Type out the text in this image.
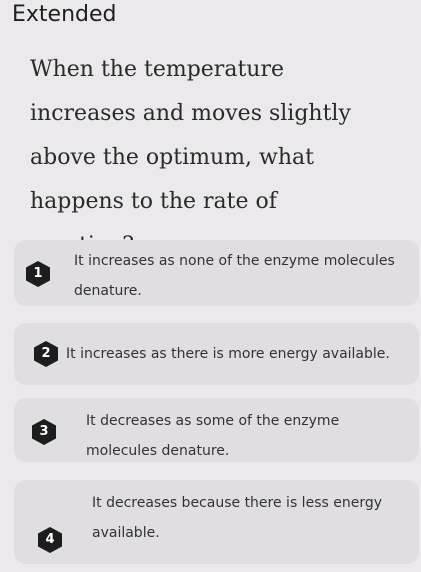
Extended
When the temperature increases and moves slightly above the optimum, what happens to the rate of
1
It increases as none of the enzyme molecules denature.
2	It increases as there is more energy available.
3
It decreases as some of the enzyme molecules denature.
4
It decreases because there is less energy available.
